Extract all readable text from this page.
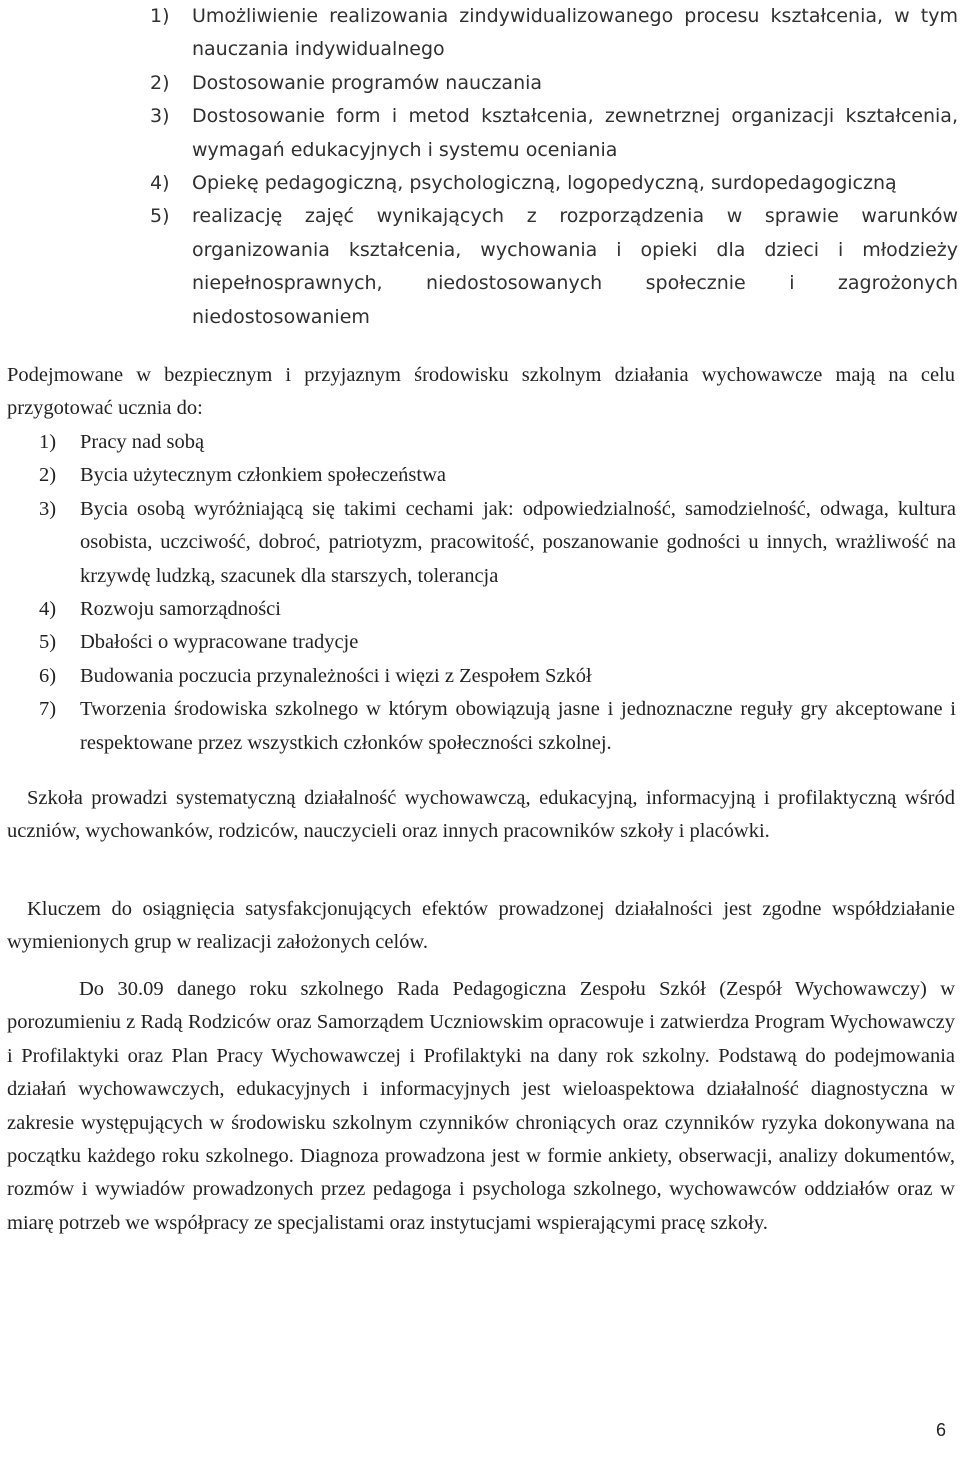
1)	Umożliwienie realizowania zindywidualizowanego procesu kształcenia, w tym nauczania indywidualnego
2)	Dostosowanie programów nauczania
3)	Dostosowanie form i metod kształcenia, zewnetrznej organizacji kształcenia, wymagań edukacyjnych i systemu oceniania
4)	Opiekę pedagogiczną, psychologiczną, logopedyczną, surdopedagogiczną
5)	realizację zajęć wynikających z rozporządzenia w sprawie warunków organizowania kształcenia, wychowania i opieki dla dzieci i młodzieży niepełnosprawnych, niedostosowanych społecznie i zagrożonych niedostosowaniem
Podejmowane w bezpiecznym i przyjaznym środowisku szkolnym działania wychowawcze mają na celu przygotować ucznia do:
1)	Pracy nad sobą
2)	Bycia użytecznym członkiem społeczeństwa
3)	Bycia osobą wyróżniającą się takimi cechami jak: odpowiedzialność, samodzielność, odwaga, kultura osobista, uczciwość, dobroć, patriotyzm, pracowitość, poszanowanie godności u innych, wrażliwość na krzywdę ludzką, szacunek dla starszych, tolerancja
4)	Rozwoju samorządności
5)	Dbałości o wypracowane tradycje
6)	Budowania poczucia przynależności i więzi z Zespołem Szkół
7)	Tworzenia środowiska szkolnego w którym obowiązują jasne i jednoznaczne reguły gry akceptowane i respektowane przez wszystkich członków społeczności szkolnej.
Szkoła prowadzi systematyczną działalność wychowawczą, edukacyjną, informacyjną i profilaktyczną wśród uczniów, wychowanków, rodziców, nauczycieli oraz innych pracowników szkoły i placówki.
Kluczem do osiągnięcia satysfakcjonujących efektów prowadzonej działalności jest zgodne współdziałanie wymienionych grup w realizacji założonych celów.
Do 30.09 danego roku szkolnego Rada Pedagogiczna Zespołu Szkół (Zespół Wychowawczy) w porozumieniu z Radą Rodziców oraz Samorządem Uczniowskim opracowuje i zatwierdza Program Wychowawczy i Profilaktyki oraz Plan Pracy Wychowawczej i Profilaktyki na dany rok szkolny. Podstawą do podejmowania działań wychowawczych, edukacyjnych i informacyjnych jest wieloaspektowa działalność diagnostyczna w zakresie występujących w środowisku szkolnym czynników chroniących oraz czynników ryzyka dokonywana na początku każdego roku szkolnego. Diagnoza prowadzona jest w formie ankiety, obserwacji, analizy dokumentów, rozmów i wywiadów prowadzonych przez pedagoga i psychologa szkolnego, wychowawców oddziałów oraz w miarę potrzeb we współpracy ze specjalistami oraz instytucjami wspierającymi pracę szkoły.
6
